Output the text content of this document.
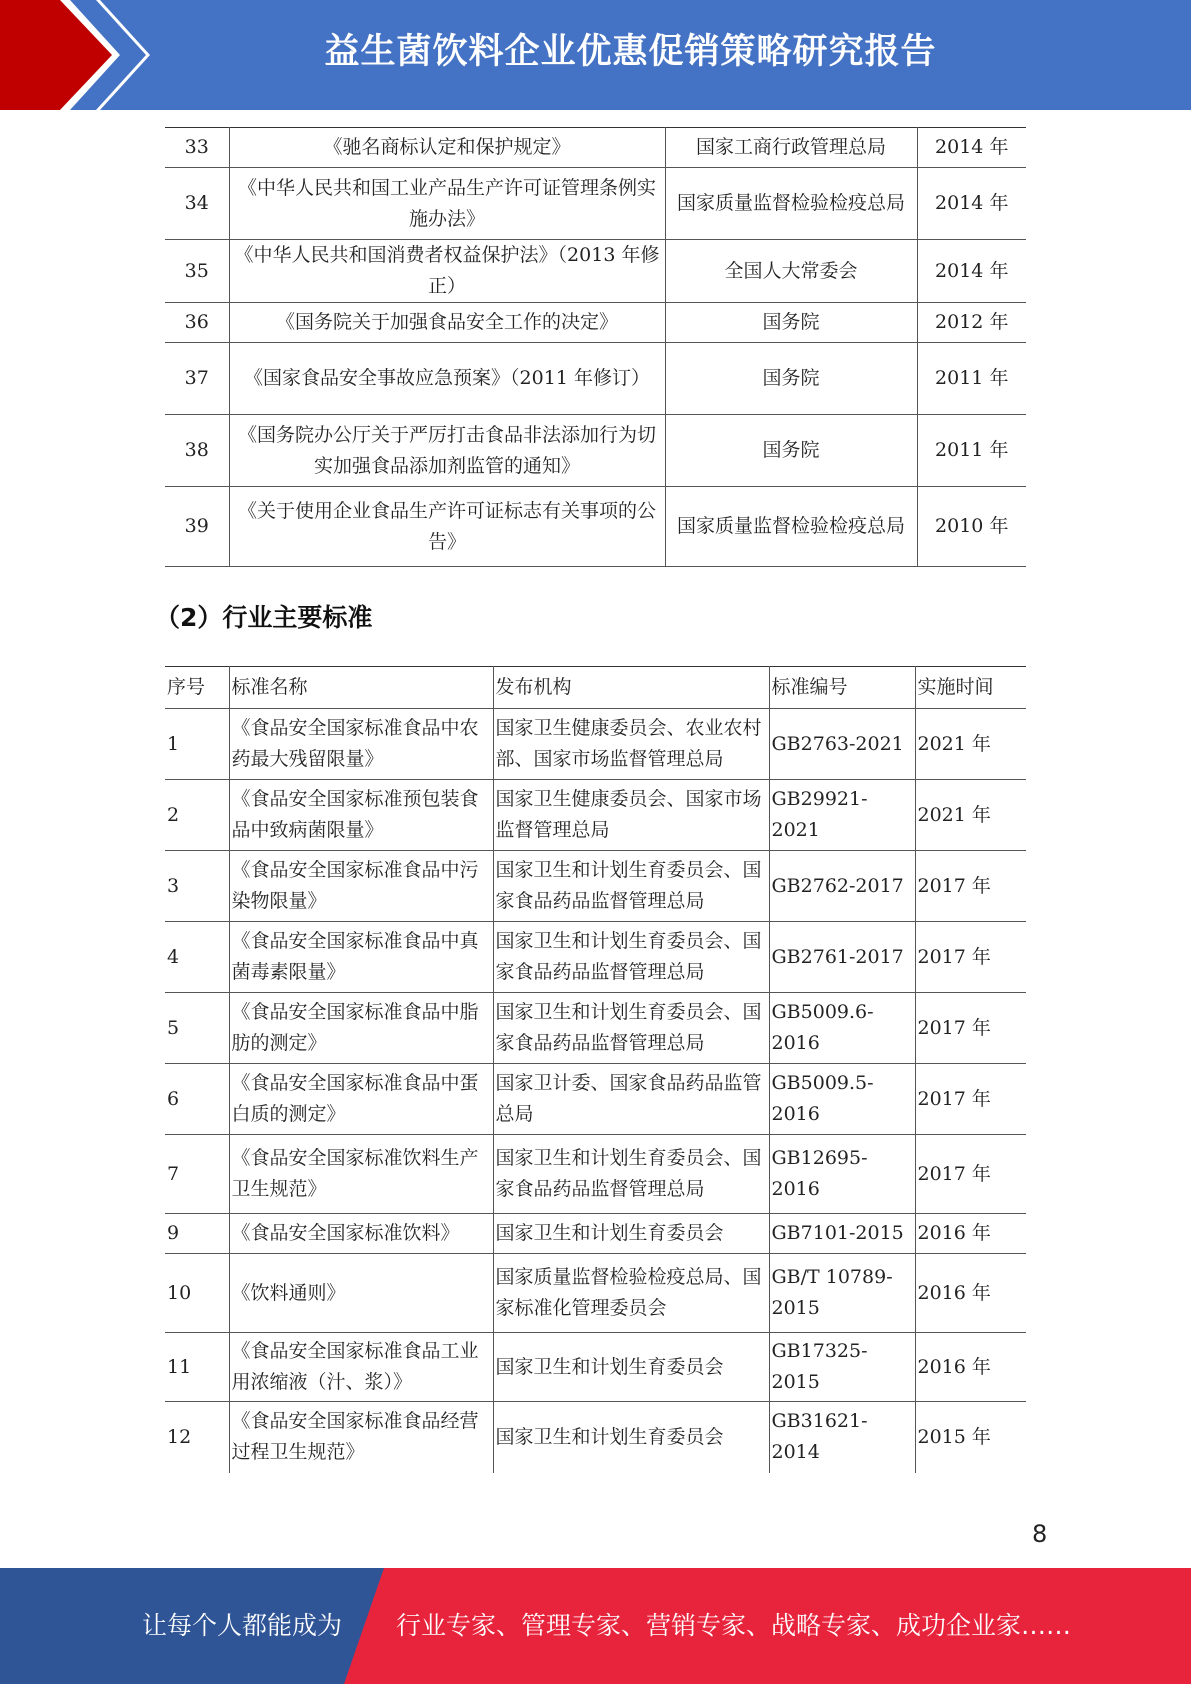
益生菌饮料企业优惠促销策略研究报告
33	《驰名商标认定和保护规定》	国家工商行政管理总局	2014 年
34	《中华人民共和国工业产品生产许可证管理条例实施办法》	国家质量监督检验检疫总局	2014 年
35	《中华人民共和国消费者权益保护法》（2013 年修正）	全国人大常委会	2014 年
36	《国务院关于加强食品安全工作的决定》	国务院	2012 年
37	《国家食品安全事故应急预案》（2011 年修订）	国务院	2011 年
38	《国务院办公厅关于严厉打击食品非法添加行为切实加强食品添加剂监管的通知》	国务院	2011 年
39	《关于使用企业食品生产许可证标志有关事项的公告》	国家质量监督检验检疫总局	2010 年
（2）行业主要标准
序号	标准名称	发布机构	标准编号	实施时间
1	《食品安全国家标准食品中农药最大残留限量》	国家卫生健康委员会、农业农村部、国家市场监督管理总局	GB2763-2021	2021 年
2	《食品安全国家标准预包装食品中致病菌限量》	国家卫生健康委员会、国家市场监督管理总局	GB29921-2021	2021 年
3	《食品安全国家标准食品中污染物限量》	国家卫生和计划生育委员会、国家食品药品监督管理总局	GB2762-2017	2017 年
4	《食品安全国家标准食品中真菌毒素限量》	国家卫生和计划生育委员会、国家食品药品监督管理总局	GB2761-2017	2017 年
5	《食品安全国家标准食品中脂肪的测定》	国家卫生和计划生育委员会、国家食品药品监督管理总局	GB5009.6-2016	2017 年
6	《食品安全国家标准食品中蛋白质的测定》	国家卫计委、国家食品药品监管总局	GB5009.5-2016	2017 年
7	《食品安全国家标准饮料生产卫生规范》	国家卫生和计划生育委员会、国家食品药品监督管理总局	GB12695-2016	2017 年
9	《食品安全国家标准饮料》	国家卫生和计划生育委员会	GB7101-2015	2016 年
10	《饮料通则》	国家质量监督检验检疫总局、国家标准化管理委员会	GB/T 10789-2015	2016 年
11	《食品安全国家标准食品工业用浓缩液（汁、浆）》	国家卫生和计划生育委员会	GB17325-2015	2016 年
12	《食品安全国家标准食品经营过程卫生规范》	国家卫生和计划生育委员会	GB31621-2014	2015 年
8
让每个人都能成为 行业专家、管理专家、营销专家、战略专家、成功企业家……
